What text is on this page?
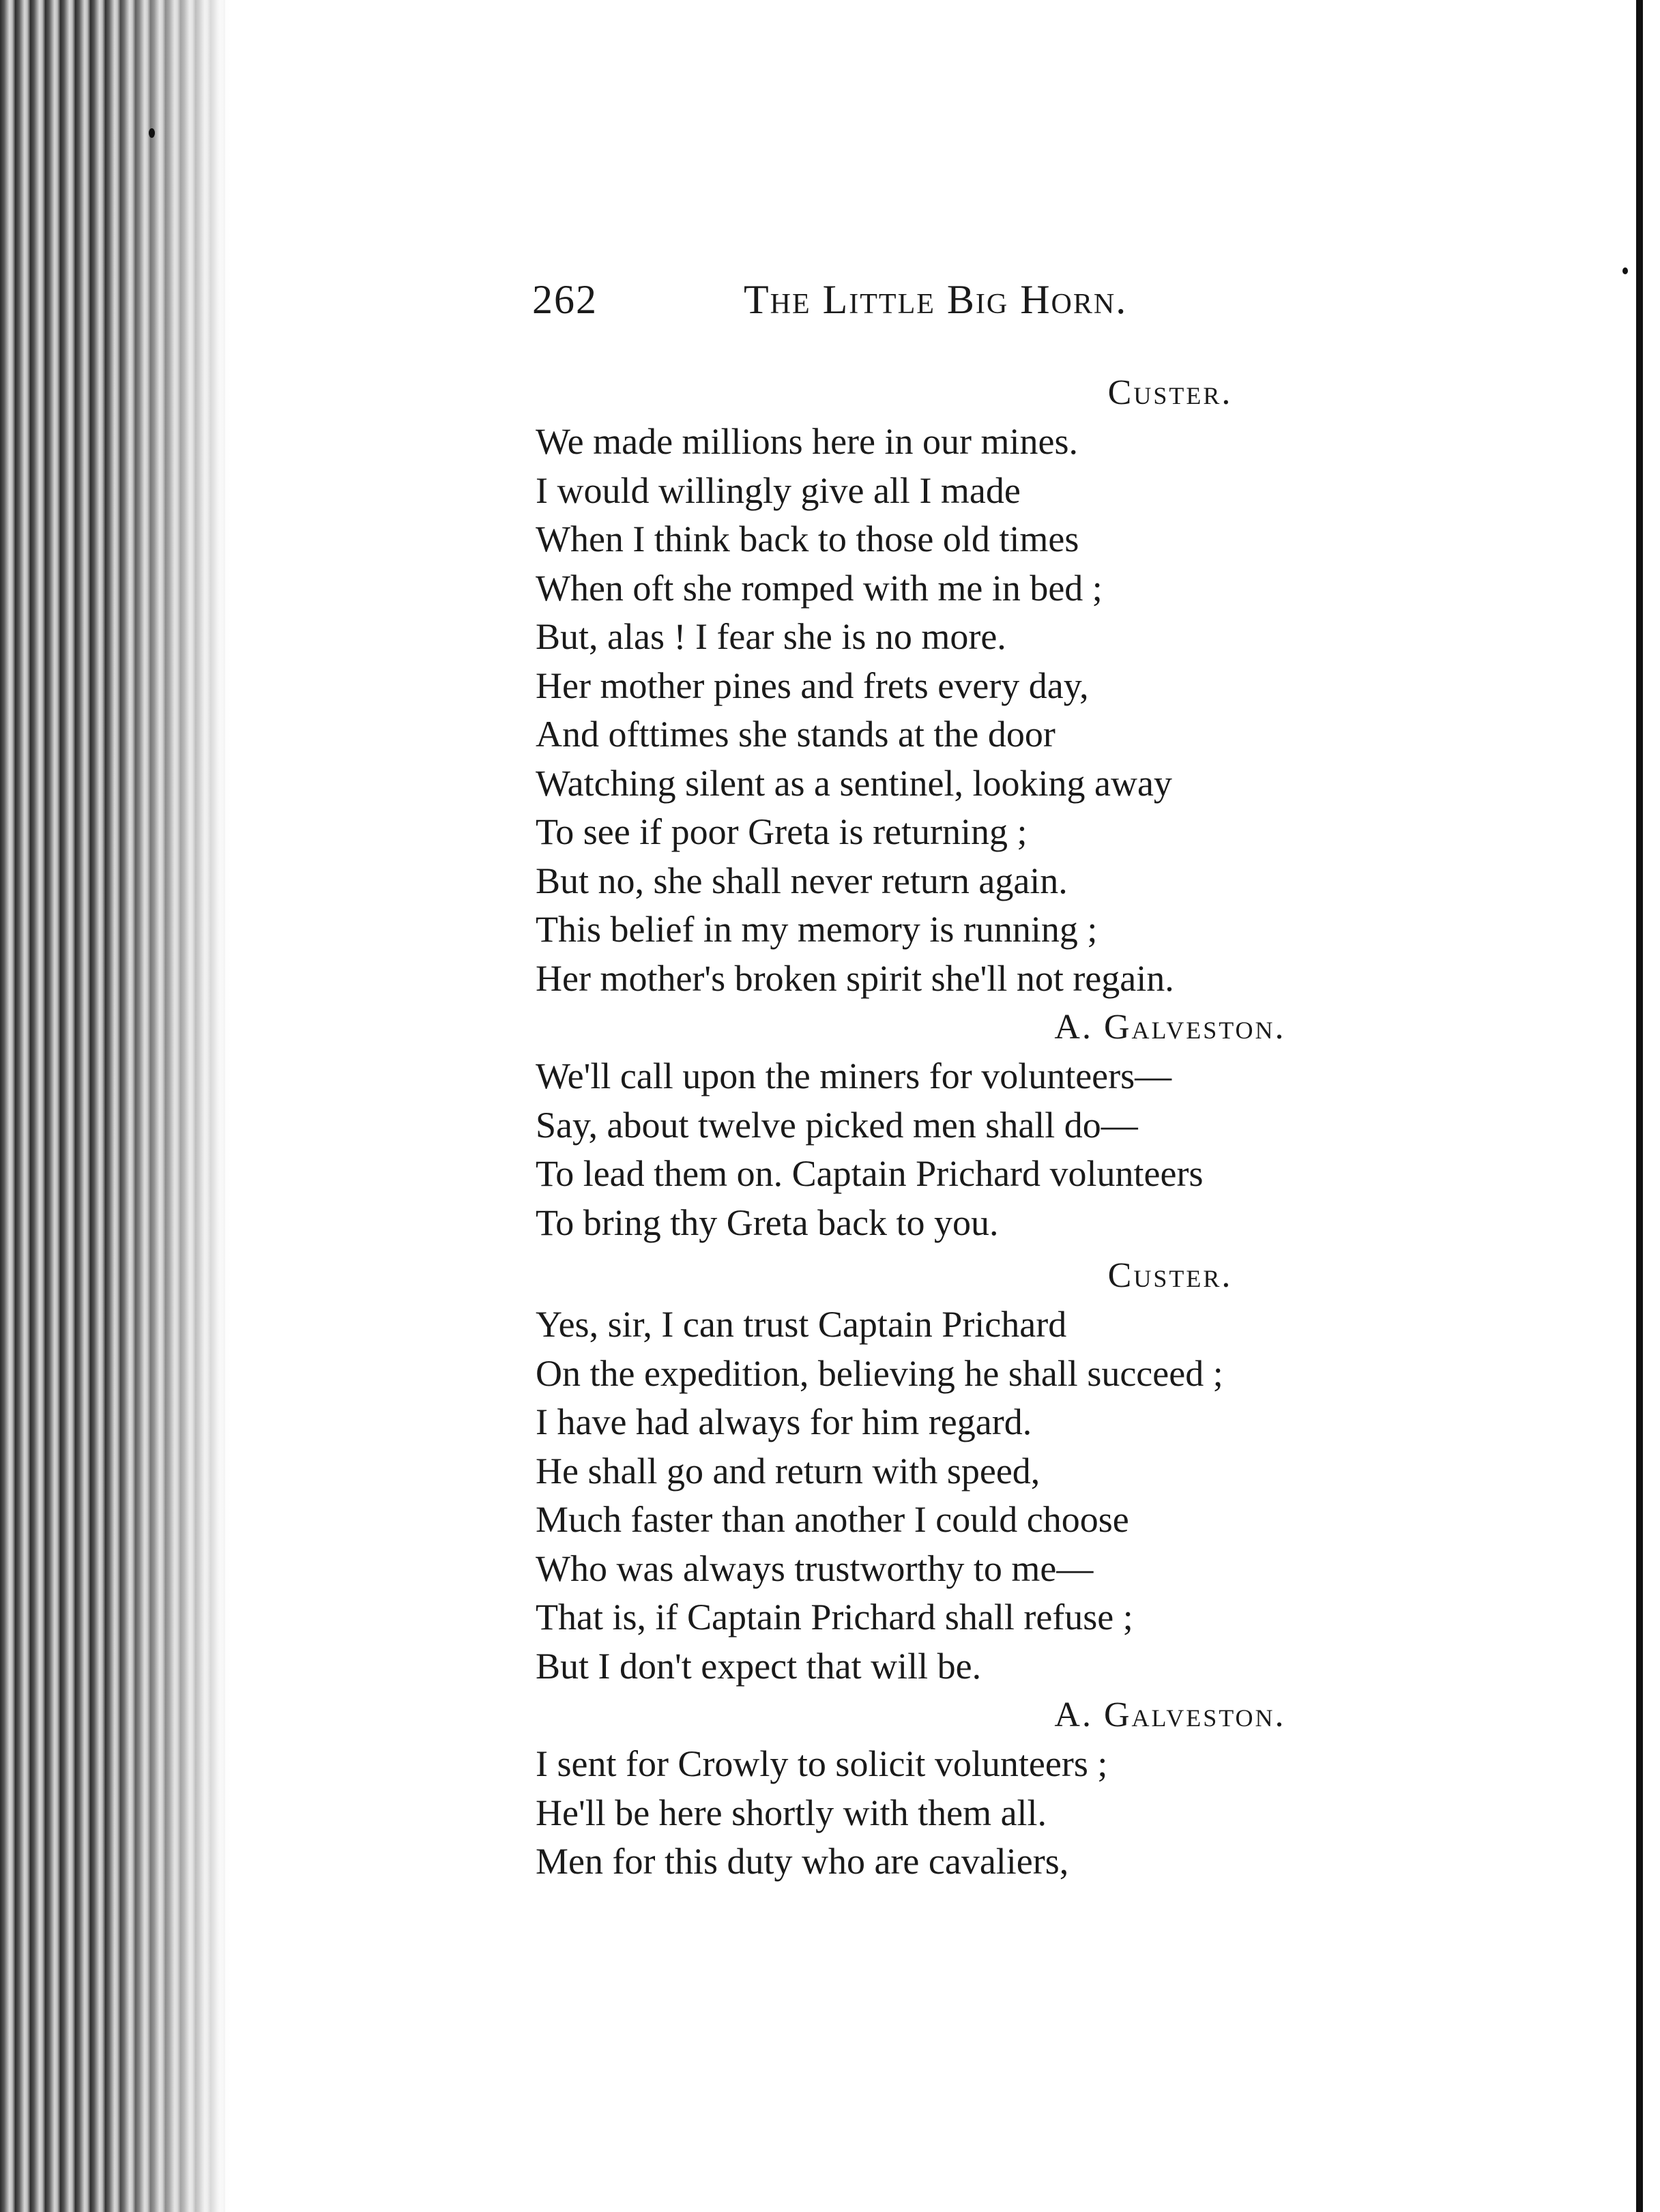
262	The Little Big Horn.
Custer.
We made millions here in our mines.
I would willingly give all I made
When I think back to those old times
When oft she romped with me in bed ;
But, alas ! I fear she is no more.
Her mother pines and frets every day,
And ofttimes she stands at the door
Watching silent as a sentinel, looking away
To see if poor Greta is returning ;
But no, she shall never return again.
This belief in my memory is running ;
Her mother's broken spirit she'll not regain.
A. Galveston.
We'll call upon the miners for volunteers—
Say, about twelve picked men shall do—
To lead them on. Captain Prichard volunteers
To bring thy Greta back to you.
Custer.
Yes, sir, I can trust Captain Prichard
On the expedition, believing he shall succeed ;
I have had always for him regard.
He shall go and return with speed,
Much faster than another I could choose
Who was always trustworthy to me—
That is, if Captain Prichard shall refuse ;
But I don't expect that will be.
A. Galveston.
I sent for Crowly to solicit volunteers ;
He'll be here shortly with them all.
Men for this duty who are cavaliers,
